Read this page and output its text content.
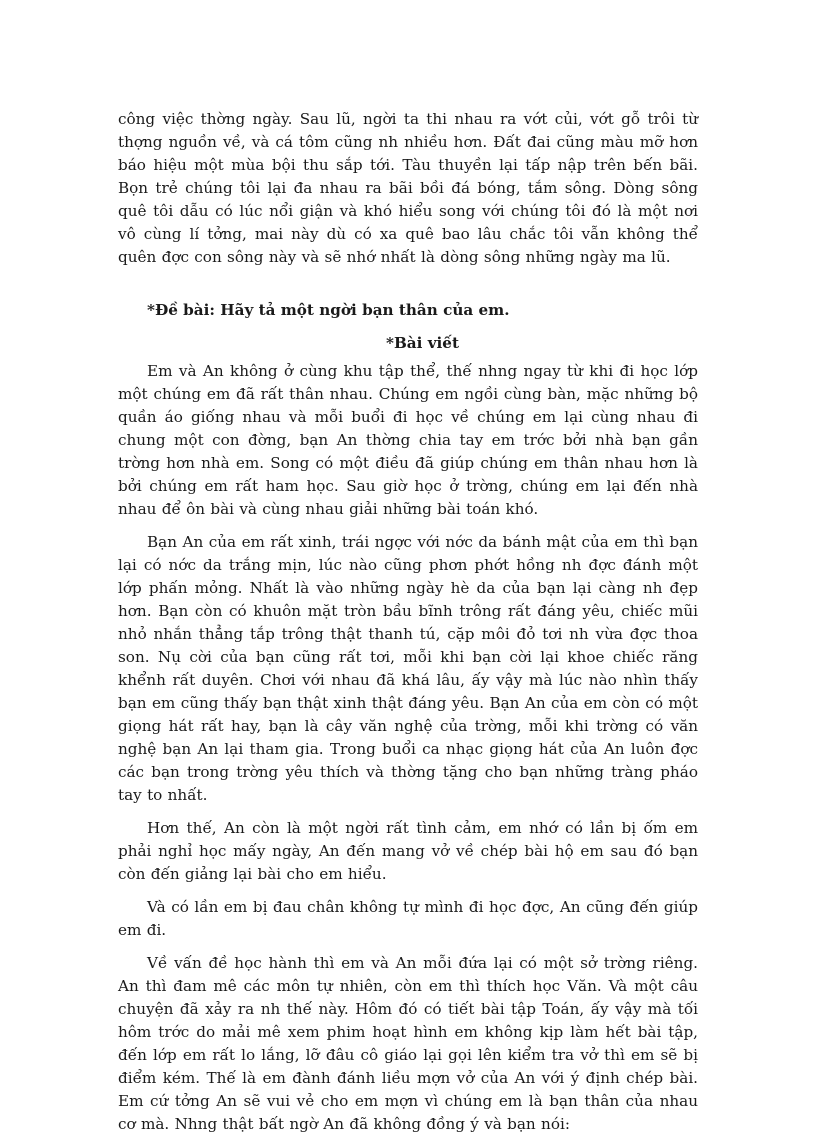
công việc thờng ngày. Sau lũ, ngời ta thi nhau ra vớt củi, vớt gỗ trôi từ thợng nguồn về, và cá tôm cũng nh nhiều hơn. Đất đai cũng màu mỡ hơn báo hiệu một mùa bội thu sắp tới. Tàu thuyền lại tấp nập trên bến bãi. Bọn trẻ chúng tôi lại đa nhau ra bãi bồi đá bóng, tắm sông. Dòng sông quê tôi dẫu có lúc nổi giận và khó hiểu song với chúng tôi đó là một nơi vô cùng lí tởng, mai này dù có xa quê bao lâu chắc tôi vẫn không thể quên đợc con sông này và sẽ nhớ nhất là dòng sông những ngày ma lũ.

*Đề bài: Hãy tả một ngời bạn thân của em.

*Bài viết

Em và An không ở cùng khu tập thể, thế nhng ngay từ khi đi học lớp một chúng em đã rất thân nhau. Chúng em ngồi cùng bàn, mặc những bộ quần áo giống nhau và mỗi buổi đi học về chúng em lại cùng nhau đi chung một con đờng, bạn An thờng chia tay em trớc bởi nhà bạn gần trờng hơn nhà em. Song có một điều đã giúp chúng em thân nhau hơn là bởi chúng em rất ham học. Sau giờ học ở trờng, chúng em lại đến nhà nhau để ôn bài và cùng nhau giải những bài toán khó.

Bạn An của em rất xinh, trái ngợc với nớc da bánh mật của em thì bạn lại có nớc da trắng mịn, lúc nào cũng phơn phớt hồng nh đợc đánh một lớp phấn mỏng. Nhất là vào những ngày hè da của bạn lại càng nh đẹp hơn. Bạn còn có khuôn mặt tròn bầu bĩnh trông rất đáng yêu, chiếc mũi nhỏ nhắn thẳng tắp trông thật thanh tú, cặp môi đỏ tơi nh vừa đợc thoa son. Nụ cời của bạn cũng rất tơi, mỗi khi bạn cời lại khoe chiếc răng khểnh rất duyên. Chơi với nhau đã khá lâu, ấy vậy mà lúc nào nhìn thấy bạn em cũng thấy bạn thật xinh thật đáng yêu. Bạn An của em còn có một giọng hát rất hay, bạn là cây văn nghệ của trờng, mỗi khi trờng có văn nghệ bạn An lại tham gia. Trong buổi ca nhạc giọng hát của An luôn đợc các bạn trong trờng yêu thích và thờng tặng cho bạn những tràng pháo tay to nhất.

Hơn thế, An còn là một ngời rất tình cảm, em nhớ có lần bị ốm em phải nghỉ học mấy ngày, An đến mang vở về chép bài hộ em sau đó bạn còn đến giảng lại bài cho em hiểu.

Và có lần em bị đau chân không tự mình đi học đợc, An cũng đến giúp em đi.

Về vấn đề học hành thì em và An mỗi đứa lại có một sở trờng riêng. An thì đam mê các môn tự nhiên, còn em thì thích học Văn. Và một câu chuyện đã xảy ra nh thế này. Hôm đó có tiết bài tập Toán, ấy vậy mà tối hôm trớc do mải mê xem phim hoạt hình em không kịp làm hết bài tập, đến lớp em rất lo lắng, lỡ đâu cô giáo lại gọi lên kiểm tra vở thì em sẽ bị điểm kém. Thế là em đành đánh liều mợn vở của An với ý định chép bài. Em cứ tởng An sẽ vui vẻ cho em mợn vì chúng em là bạn thân của nhau cơ mà. Nhng thật bất ngờ An đã không đồng ý và bạn nói:
